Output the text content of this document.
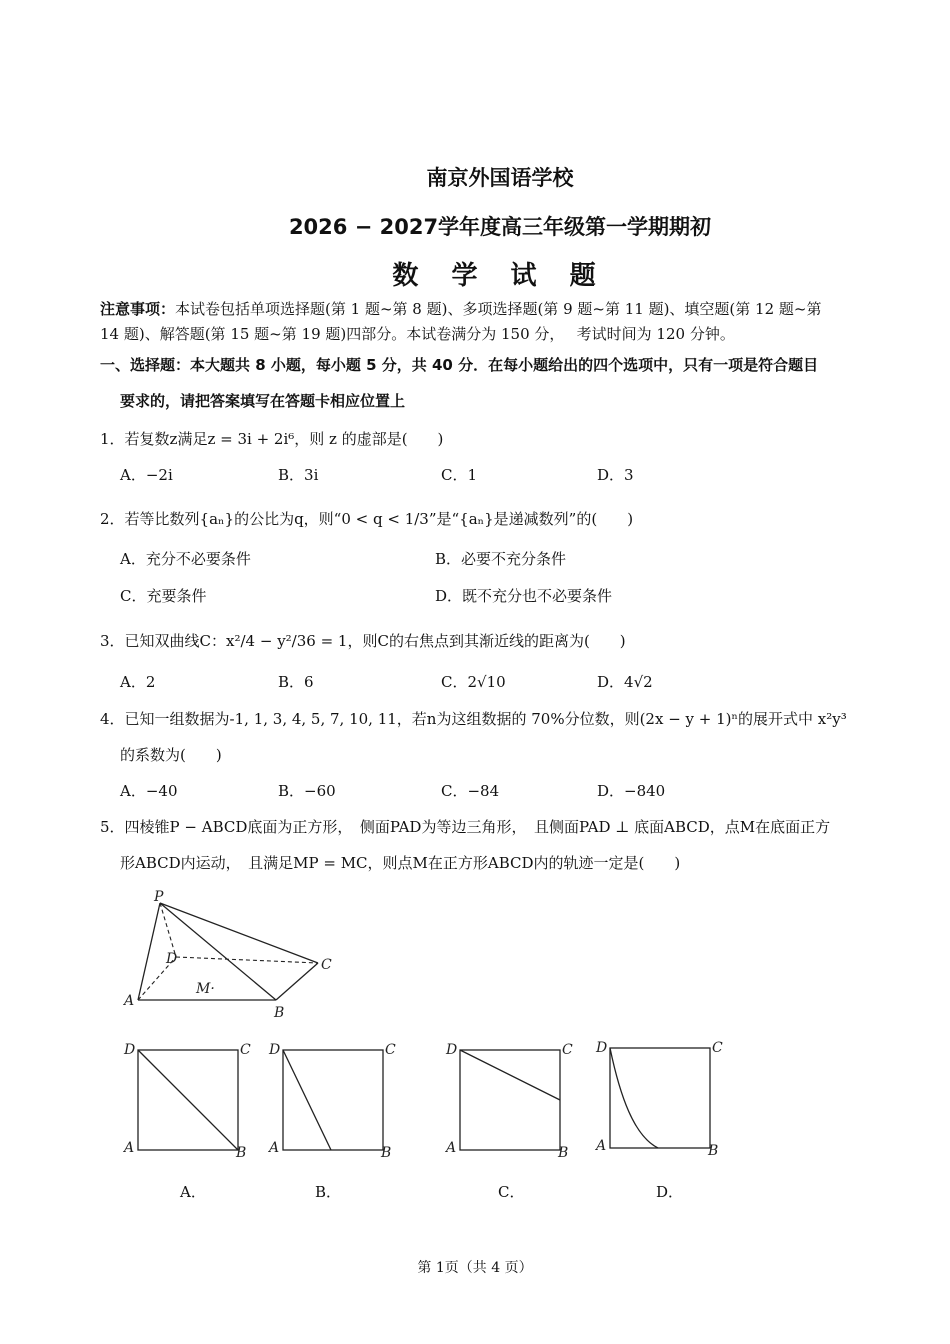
南京外国语学校
2026 − 2027学年度高三年级第一学期期初
数 学 试 题
注意事项：本试卷包括单项选择题(第 1 题~第 8 题)、多项选择题(第 9 题~第 11 题)、填空题(第 12 题~第
14 题)、解答题(第 15 题~第 19 题)四部分。本试卷满分为 150 分，　 考试时间为 120 分钟。
一、选择题：本大题共 8 小题，每小题 5 分，共 40 分．在每小题给出的四个选项中，只有一项是符合题目
要求的，请把答案填写在答题卡相应位置上
1．若复数z满足z = 3i + 2i⁶，则 z 的虚部是(　　)
A．−2i	B．3i	C．1	D．3
2．若等比数列{aₙ}的公比为q，则“0 < q < 1/3”是“{aₙ}是递减数列”的(　　)
A．充分不必要条件	B．必要不充分条件
C．充要条件	D．既不充分也不必要条件
3．已知双曲线C：x²/4 − y²/36 = 1，则C的右焦点到其渐近线的距离为(　　)
A．2	B．6	C．2√10	D．4√2
4．已知一组数据为-1, 1, 3, 4, 5, 7, 10, 11，若n为这组数据的 70%分位数，则(2x − y + 1)ⁿ的展开式中 x²y³
的系数为(　　)
A．−40	B．−60	C．−84	D．−840
5．四棱锥P − ABCD底面为正方形，　侧面PAD为等边三角形，　且侧面PAD ⊥ 底面ABCD，点M在底面正方
形ABCD内运动，　且满足MP = MC，则点M在正方形ABCD内的轨迹一定是(　　)
P
D	C
A
B
M·
D	C
A	B
D	C
A	B
D	C
A	B
D	C
A	B
A．	B．	C．	D．
第 1页（共 4 页）
